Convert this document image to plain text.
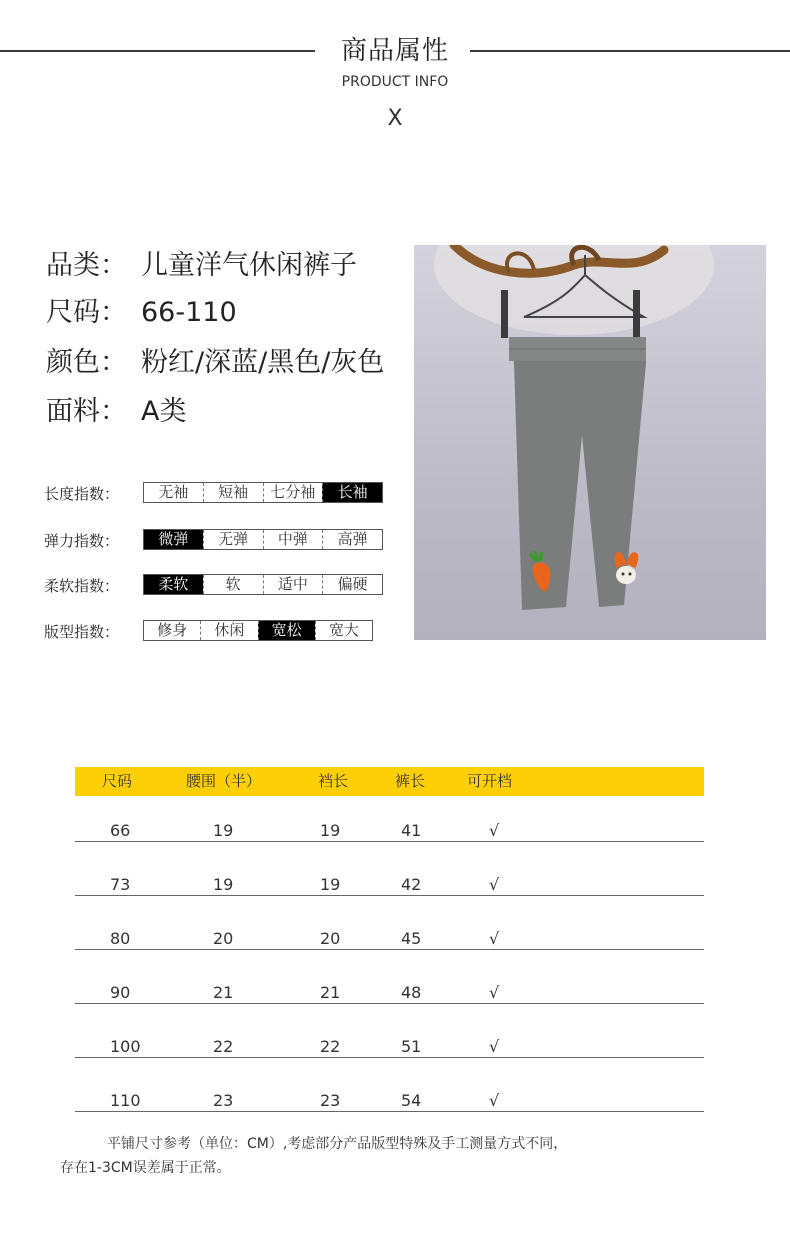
商品属性
PRODUCT INFO
X
品类： 儿童洋气休闲裤子
尺码： 66-110
颜色： 粉红/深蓝/黑色/灰色
面料： A类
长度指数：	无袖	短袖	七分袖	长袖
弹力指数：	微弹	无弹	中弹	高弹
柔软指数：	柔软	软	适中	偏硬
版型指数：	修身	休闲	宽松	宽大
尺码	腰围（半）	裆长	裤长	可开档
66	19	19	41	√
73	19	19	42	√
80	20	20	45	√
90	21	21	48	√
100	22	22	51	√
110	23	23	54	√
平铺尺寸参考（单位：CM）,考虑部分产品版型特殊及手工测量方式不同，
存在1-3CM误差属于正常。
